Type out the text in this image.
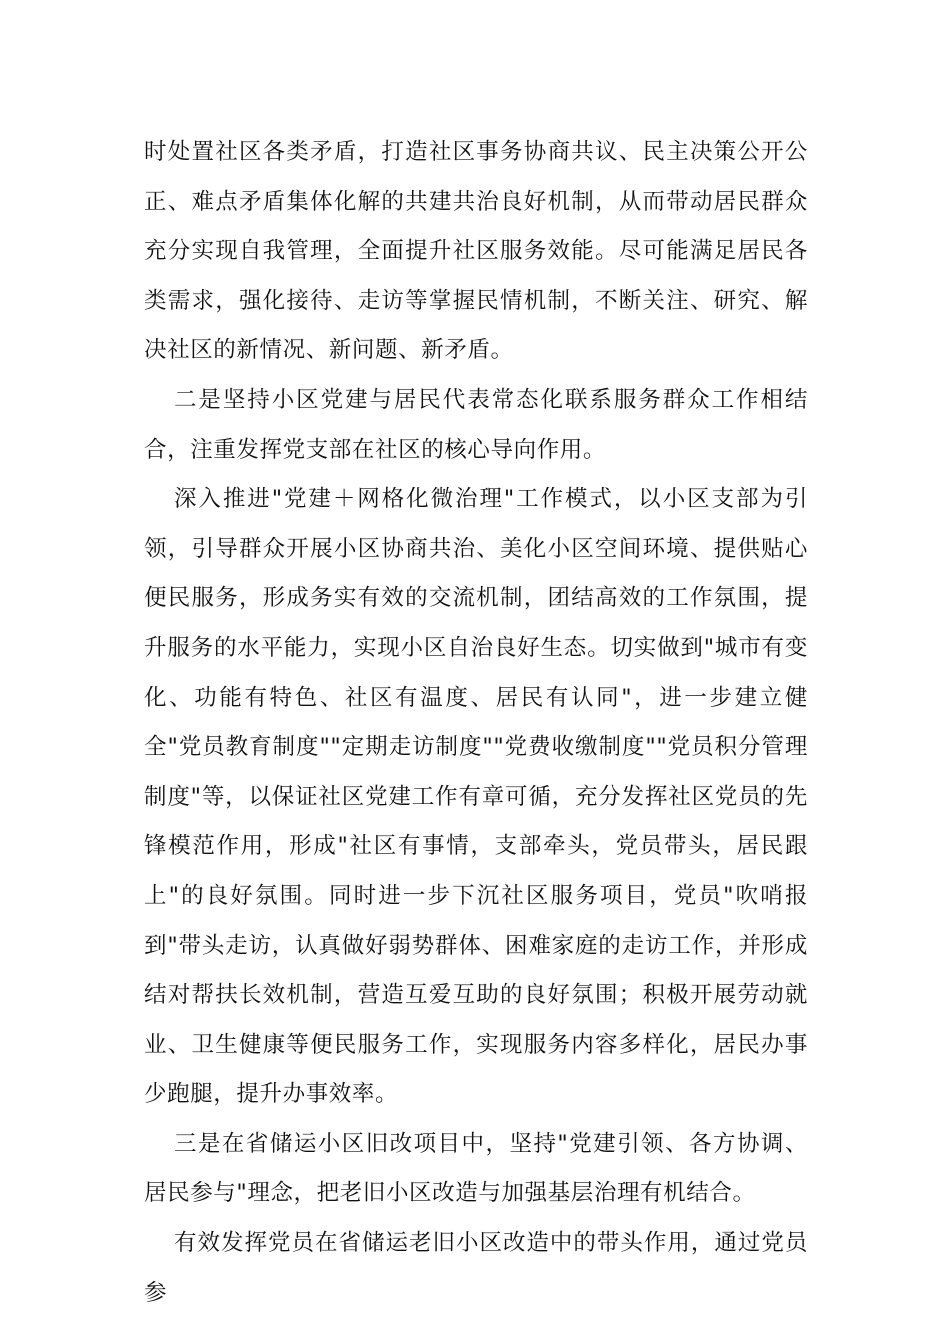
时处置社区各类矛盾，打造社区事务协商共议、民主决策公开公正、难点矛盾集体化解的共建共治良好机制，从而带动居民群众充分实现自我管理，全面提升社区服务效能。尽可能满足居民各类需求，强化接待、走访等掌握民情机制，不断关注、研究、解决社区的新情况、新问题、新矛盾。

二是坚持小区党建与居民代表常态化联系服务群众工作相结合，注重发挥党支部在社区的核心导向作用。

深入推进"党建＋网格化微治理"工作模式，以小区支部为引领，引导群众开展小区协商共治、美化小区空间环境、提供贴心便民服务，形成务实有效的交流机制，团结高效的工作氛围，提升服务的水平能力，实现小区自治良好生态。切实做到"城市有变化、功能有特色、社区有温度、居民有认同"，进一步建立健全"党员教育制度""定期走访制度""党费收缴制度""党员积分管理制度"等，以保证社区党建工作有章可循，充分发挥社区党员的先锋模范作用，形成"社区有事情，支部牵头，党员带头，居民跟上"的良好氛围。同时进一步下沉社区服务项目，党员"吹哨报到"带头走访，认真做好弱势群体、困难家庭的走访工作，并形成结对帮扶长效机制，营造互爱互助的良好氛围；积极开展劳动就业、卫生健康等便民服务工作，实现服务内容多样化，居民办事少跑腿，提升办事效率。

三是在省储运小区旧改项目中，坚持"党建引领、各方协调、居民参与"理念，把老旧小区改造与加强基层治理有机结合。

有效发挥党员在省储运老旧小区改造中的带头作用，通过党员参
